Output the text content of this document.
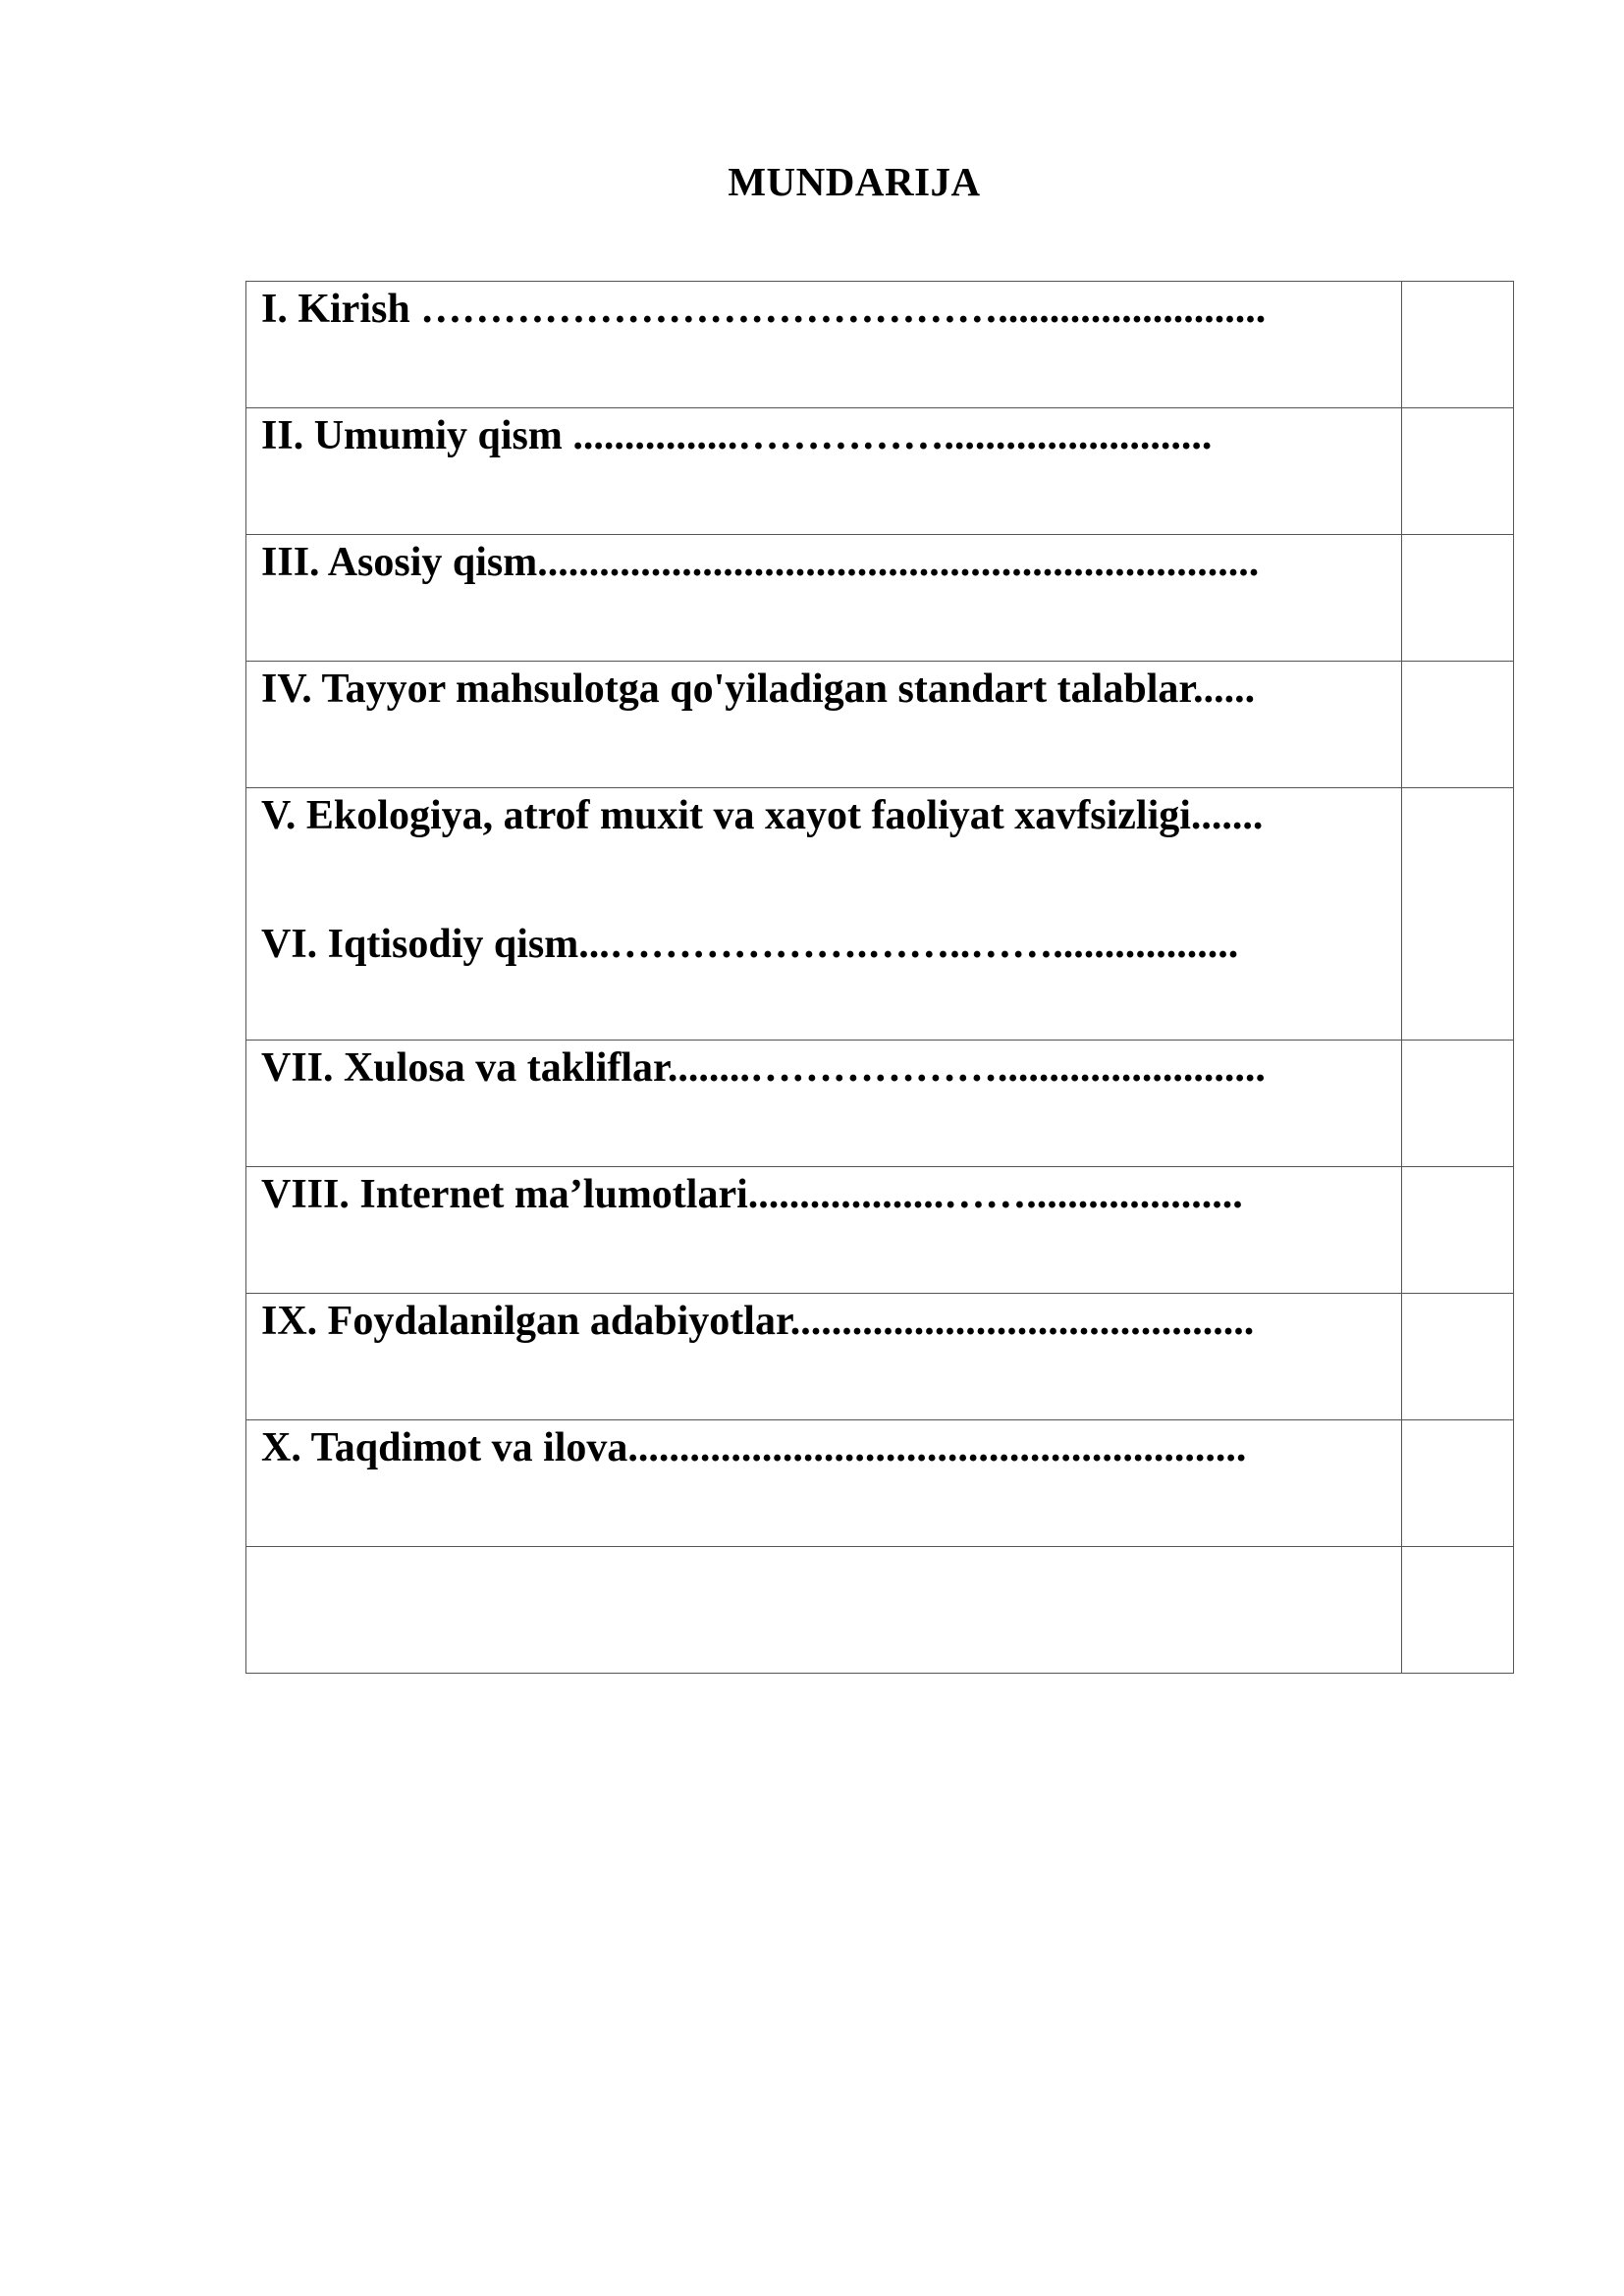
MUNDARIJA
I. Kirish ……………………………………..........................	

II. Umumiy qism ................……………..........................	

III. Asosiy qism......................................................................	

IV. Tayyor mahsulotga qo'yiladigan standart talablar......	

V. Ekologiya, atrof muxit va xayot faoliyat xavfsizligi.......
VI. Iqtisodiy qism...……………….……..……..................	

VII. Xulosa va takliflar........………………..........................	

VIII. Internet ma’lumotlari...................…….....................	

IX. Foydalanilgan adabiyotlar.............................................	

X. Taqdimot va ilova............................................................	
